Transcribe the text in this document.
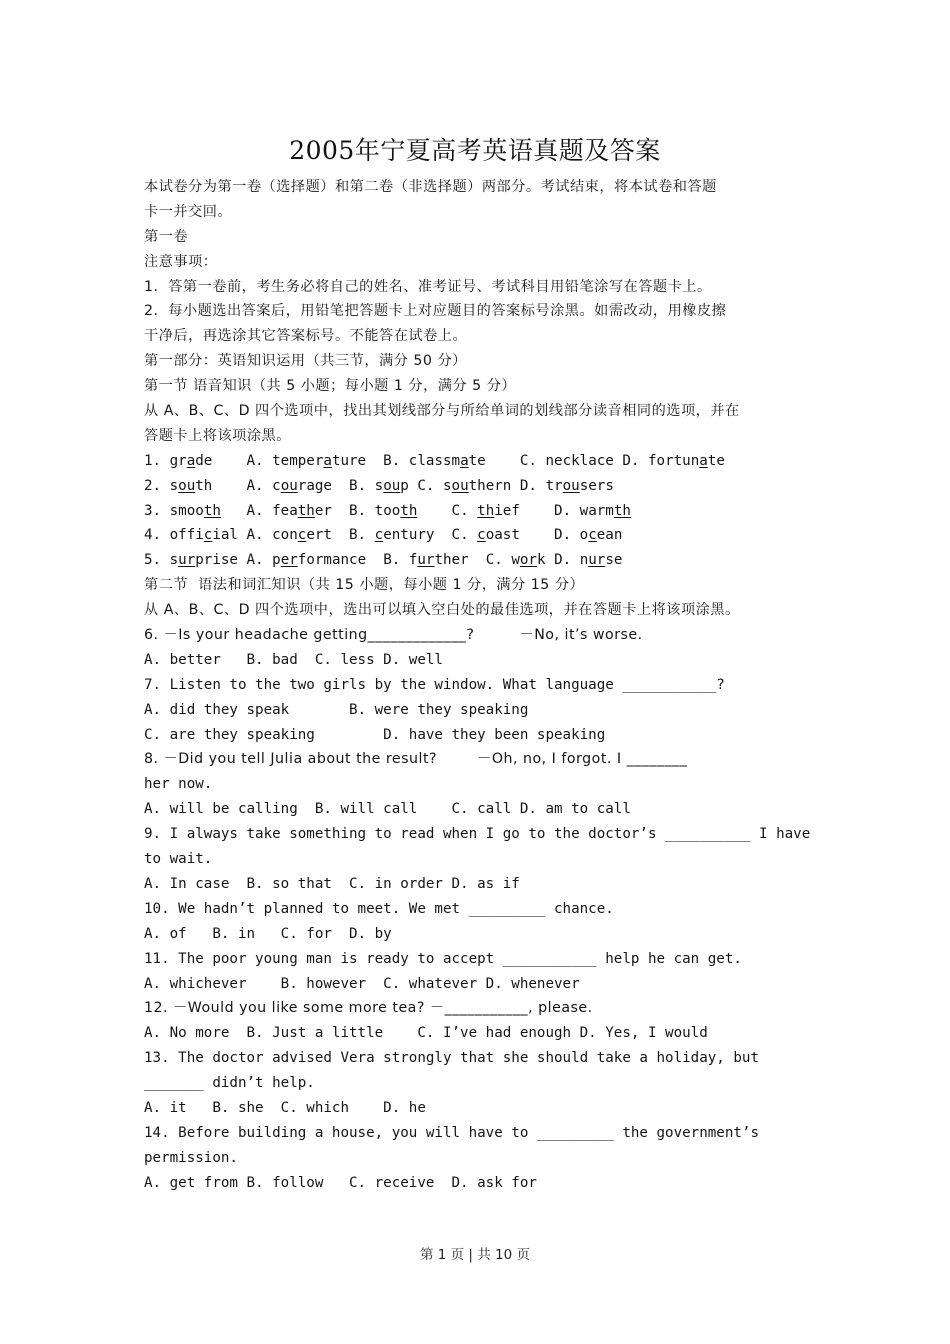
2005年宁夏高考英语真题及答案
本试卷分为第一卷（选择题）和第二卷（非选择题）两部分。考试结束，将本试卷和答题
卡一并交回。
第一卷
注意事项：
1．答第一卷前，考生务必将自己的姓名、准考证号、考试科目用铅笔涂写在答题卡上。
2．每小题选出答案后，用铅笔把答题卡上对应题目的答案标号涂黑。如需改动，用橡皮擦
干净后，再选涂其它答案标号。不能答在试卷上。
第一部分：英语知识运用（共三节，满分 50 分）
第一节 语音知识（共 5 小题；每小题 1 分，满分 5 分）
从 A、B、C、D 四个选项中，找出其划线部分与所给单词的划线部分读音相同的选项，并在
答题卡上将该项涂黑。
1. grade    A. temperature  B. classmate    C. necklace D. fortunate
2. south    A. courage  B. soup C. southern D. trousers
3. smooth   A. feather  B. tooth    C. thief    D. warmth
4. official A. concert  B. century  C. coast    D. ocean
5. surprise A. performance  B. further  C. work D. nurse
第二节  语法和词汇知识（共 15 小题，每小题 1 分，满分 15 分）
从 A、B、C、D 四个选项中，选出可以填入空白处的最佳选项，并在答题卡上将该项涂黑。
6. －Is your headache getting_____________?         －No, it’s worse.
A. better   B. bad  C. less D. well
7. Listen to the two girls by the window. What language ___________?
A. did they speak       B. were they speaking
C. are they speaking        D. have they been speaking
8. －Did you tell Julia about the result?        －Oh, no, I forgot. I ________
her now.
A. will be calling  B. will call    C. call D. am to call
9. I always take something to read when I go to the doctor’s __________ I have
to wait.
A. In case  B. so that  C. in order D. as if
10. We hadn’t planned to meet. We met _________ chance.
A. of   B. in   C. for  D. by
11. The poor young man is ready to accept ___________ help he can get.
A. whichever    B. however  C. whatever D. whenever
12. －Would you like some more tea? －___________, please.
A. No more  B. Just a little    C. I’ve had enough D. Yes, I would
13. The doctor advised Vera strongly that she should take a holiday, but
_______ didn’t help.
A. it   B. she  C. which    D. he
14. Before building a house, you will have to _________ the government’s
permission.
A. get from B. follow   C. receive  D. ask for
第 1 页 | 共 10 页
